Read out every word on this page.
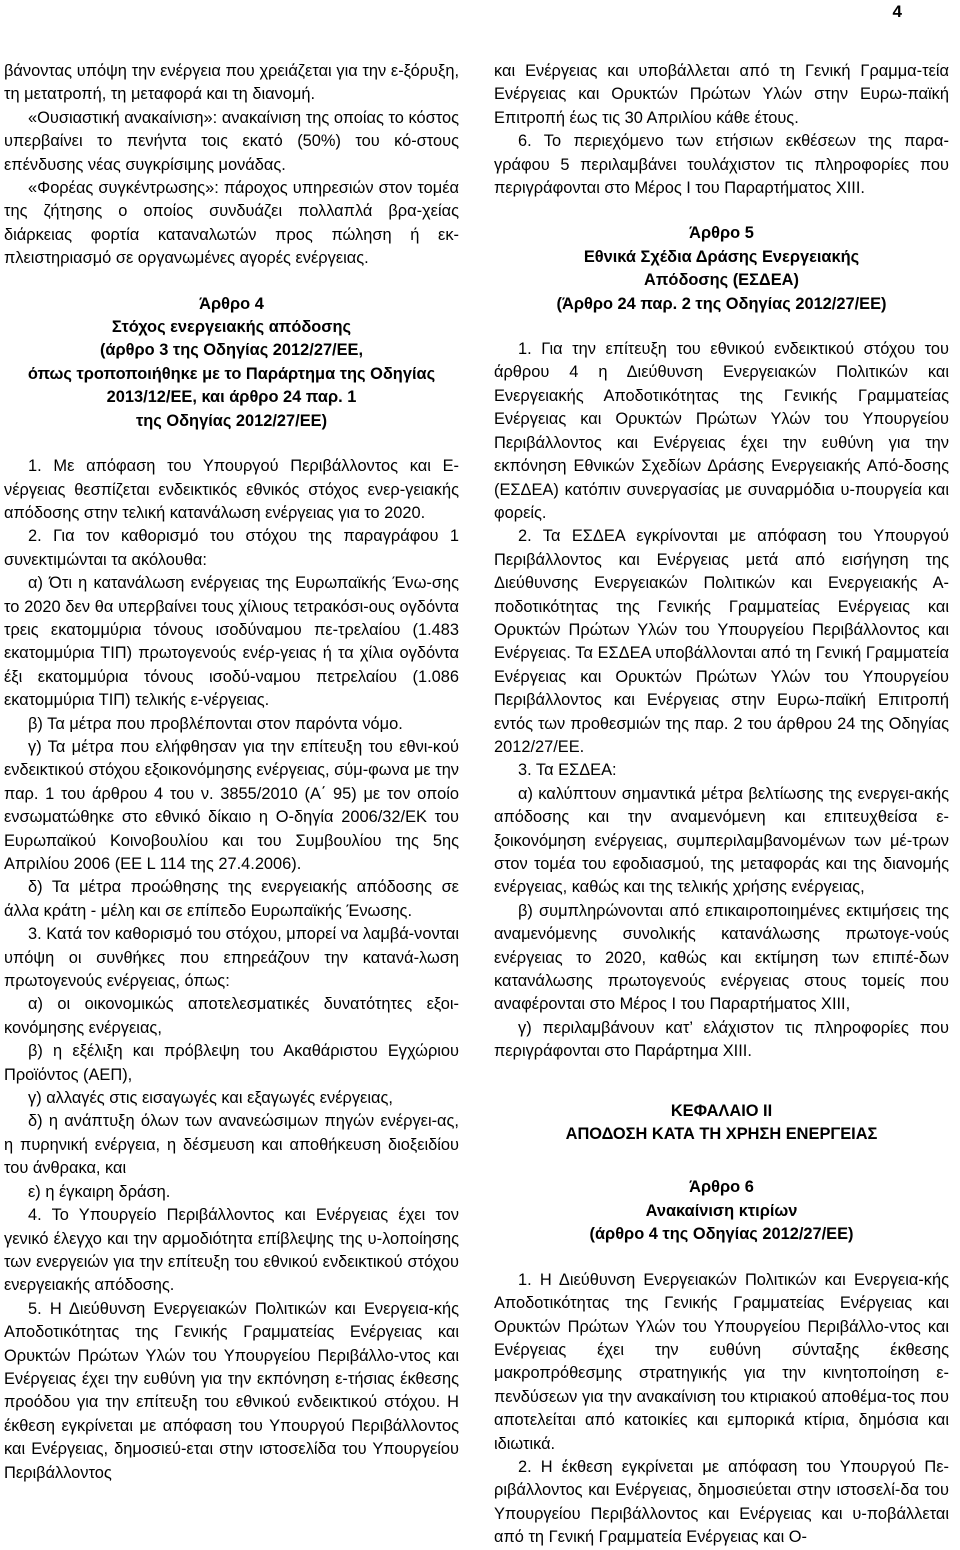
4

βάνοντας υπόψη την ενέργεια που χρειάζεται για την ε-ξόρυξη, τη μετατροπή, τη μεταφορά και τη διανομή.

«Ουσιαστική ανακαίνιση»: ανακαίνιση της οποίας το κόστος υπερβαίνει το πενήντα τοις εκατό (50%) του κό-στους επένδυσης νέας συγκρίσιμης μονάδας.

«Φορέας συγκέντρωσης»: πάροχος υπηρεσιών στον τομέα της ζήτησης ο οποίος συνδυάζει πολλαπλά βρα-χείας διάρκειας φορτία καταναλωτών προς πώληση ή εκ-πλειστηριασμό σε οργανωμένες αγορές ενέργειας.

Άρθρο 4
Στόχος ενεργειακής απόδοσης
(άρθρο 3 της Οδηγίας 2012/27/ΕΕ,
όπως τροποποιήθηκε με το Παράρτημα της Οδηγίας
2013/12/ΕΕ, και άρθρο 24 παρ. 1
της Οδηγίας 2012/27/ΕΕ)

1. Με απόφαση του Υπουργού Περιβάλλοντος και Ε-νέργειας θεσπίζεται ενδεικτικός εθνικός στόχος ενερ-γειακής απόδοσης στην τελική κατανάλωση ενέργειας για το 2020.

2. Για τον καθορισμό του στόχου της παραγράφου 1 συνεκτιμώνται τα ακόλουθα:

α) Ότι η κατανάλωση ενέργειας της Ευρωπαϊκής Ένω-σης το 2020 δεν θα υπερβαίνει τους χίλιους τετρακόσι-ους ογδόντα τρεις εκατομμύρια τόνους ισοδύναμου πε-τρελαίου (1.483 εκατομμύρια ΤΙΠ) πρωτογενούς ενέρ-γειας ή τα χίλια ογδόντα έξι εκατομμύρια τόνους ισοδύ-ναμου πετρελαίου (1.086 εκατομμύρια ΤΙΠ) τελικής ε-νέργειας.

β) Τα μέτρα που προβλέπονται στον παρόντα νόμο.

γ) Τα μέτρα που ελήφθησαν για την επίτευξη του εθνι-κού ενδεικτικού στόχου εξοικονόμησης ενέργειας, σύμ-φωνα με την παρ. 1 του άρθρου 4 του ν. 3855/2010 (Α΄ 95) με τον οποίο ενσωματώθηκε στο εθνικό δίκαιο η Ο-δηγία 2006/32/ΕΚ του Ευρωπαϊκού Κοινοβουλίου και του Συμβουλίου της 5ης Απριλίου 2006 (ΕΕ L 114 της 27.4.2006).

δ) Τα μέτρα προώθησης της ενεργειακής απόδοσης σε άλλα κράτη - μέλη και σε επίπεδο Ευρωπαϊκής Ένωσης.

3. Κατά τον καθορισμό του στόχου, μπορεί να λαμβά-νονται υπόψη οι συνθήκες που επηρεάζουν την κατανά-λωση πρωτογενούς ενέργειας, όπως:

α) οι οικονομικώς αποτελεσματικές δυνατότητες εξοι-κονόμησης ενέργειας,

β) η εξέλιξη και πρόβλεψη του Ακαθάριστου Εγχώριου Προϊόντος (ΑΕΠ),

γ) αλλαγές στις εισαγωγές και εξαγωγές ενέργειας,

δ) η ανάπτυξη όλων των ανανεώσιμων πηγών ενέργει-ας, η πυρηνική ενέργεια, η δέσμευση και αποθήκευση διοξειδίου του άνθρακα, και

ε) η έγκαιρη δράση.

4. Το Υπουργείο Περιβάλλοντος και Ενέργειας έχει τον γενικό έλεγχο και την αρμοδιότητα επίβλεψης της υ-λοποίησης των ενεργειών για την επίτευξη του εθνικού ενδεικτικού στόχου ενεργειακής απόδοσης.

5. Η Διεύθυνση Ενεργειακών Πολιτικών και Ενεργεια-κής Αποδοτικότητας της Γενικής Γραμματείας Ενέργειας και Ορυκτών Πρώτων Υλών του Υπουργείου Περιβάλλο-ντος και Ενέργειας έχει την ευθύνη για την εκπόνηση ε-τήσιας έκθεσης προόδου για την επίτευξη του εθνικού ενδεικτικού στόχου. Η έκθεση εγκρίνεται με απόφαση του Υπουργού Περιβάλλοντος και Ενέργειας, δημοσιεύ-εται στην ιστοσελίδα του Υπουργείου Περιβάλλοντος

και Ενέργειας και υποβάλλεται από τη Γενική Γραμμα-τεία Ενέργειας και Ορυκτών Πρώτων Υλών στην Ευρω-παϊκή Επιτροπή έως τις 30 Απριλίου κάθε έτους.

6. Το περιεχόμενο των ετήσιων εκθέσεων της παρα-γράφου 5 περιλαμβάνει τουλάχιστον τις πληροφορίες που περιγράφονται στο Μέρος Ι του Παραρτήματος ΧΙΙΙ.

Άρθρο 5
Εθνικά Σχέδια Δράσης Ενεργειακής
Απόδοσης (ΕΣΔΕΑ)
(Άρθρο 24 παρ. 2 της Οδηγίας 2012/27/ΕΕ)

1. Για την επίτευξη του εθνικού ενδεικτικού στόχου του άρθρου 4 η Διεύθυνση Ενεργειακών Πολιτικών και Ενεργειακής Αποδοτικότητας της Γενικής Γραμματείας Ενέργειας και Ορυκτών Πρώτων Υλών του Υπουργείου Περιβάλλοντος και Ενέργειας έχει την ευθύνη για την εκπόνηση Εθνικών Σχεδίων Δράσης Ενεργειακής Από-δοσης (ΕΣΔΕΑ) κατόπιν συνεργασίας με συναρμόδια υ-πουργεία και φορείς.

2. Τα ΕΣΔΕΑ εγκρίνονται με απόφαση του Υπουργού Περιβάλλοντος και Ενέργειας μετά από εισήγηση της Διεύθυνσης Ενεργειακών Πολιτικών και Ενεργειακής Α-ποδοτικότητας της Γενικής Γραμματείας Ενέργειας και Ορυκτών Πρώτων Υλών του Υπουργείου Περιβάλλοντος και Ενέργειας. Τα ΕΣΔΕΑ υποβάλλονται από τη Γενική Γραμματεία Ενέργειας και Ορυκτών Πρώτων Υλών του Υπουργείου Περιβάλλοντος και Ενέργειας στην Ευρω-παϊκή Επιτροπή εντός των προθεσμιών της παρ. 2 του άρθρου 24 της Οδηγίας 2012/27/ΕΕ.

3. Τα ΕΣΔΕΑ:

α) καλύπτουν σημαντικά μέτρα βελτίωσης της ενεργει-ακής απόδοσης και την αναμενόμενη και επιτευχθείσα ε-ξοικονόμηση ενέργειας, συμπεριλαμβανομένων των μέ-τρων στον τομέα του εφοδιασμού, της μεταφοράς και της διανομής ενέργειας, καθώς και της τελικής χρήσης ενέργειας,

β) συμπληρώνονται από επικαιροποιημένες εκτιμήσεις της αναμενόμενης συνολικής κατανάλωσης πρωτογε-νούς ενέργειας το 2020, καθώς και εκτίμηση των επιπέ-δων κατανάλωσης πρωτογενούς ενέργειας στους τομείς που αναφέρονται στο Μέρος Ι του Παραρτήματος ΧΙΙΙ,

γ) περιλαμβάνουν κατ’ ελάχιστον τις πληροφορίες που περιγράφονται στο Παράρτημα ΧΙΙΙ.

ΚΕΦΑΛΑΙΟ ΙΙ
ΑΠΟΔΟΣΗ ΚΑΤΑ ΤΗ ΧΡΗΣΗ ΕΝΕΡΓΕΙΑΣ
Άρθρο 6
Ανακαίνιση κτιρίων
(άρθρο 4 της Οδηγίας 2012/27/ΕΕ)

1. Η Διεύθυνση Ενεργειακών Πολιτικών και Ενεργεια-κής Αποδοτικότητας της Γενικής Γραμματείας Ενέργειας και Ορυκτών Πρώτων Υλών του Υπουργείου Περιβάλλο-ντος και Ενέργειας έχει την ευθύνη σύνταξης έκθεσης μακροπρόθεσμης στρατηγικής για την κινητοποίηση ε-πενδύσεων για την ανακαίνιση του κτιριακού αποθέμα-τος που αποτελείται από κατοικίες και εμπορικά κτίρια, δημόσια και ιδιωτικά.

2. Η έκθεση εγκρίνεται με απόφαση του Υπουργού Πε-ριβάλλοντος και Ενέργειας, δημοσιεύεται στην ιστοσελί-δα του Υπουργείου Περιβάλλοντος και Ενέργειας και υ-ποβάλλεται από τη Γενική Γραμματεία Ενέργειας και Ο-
